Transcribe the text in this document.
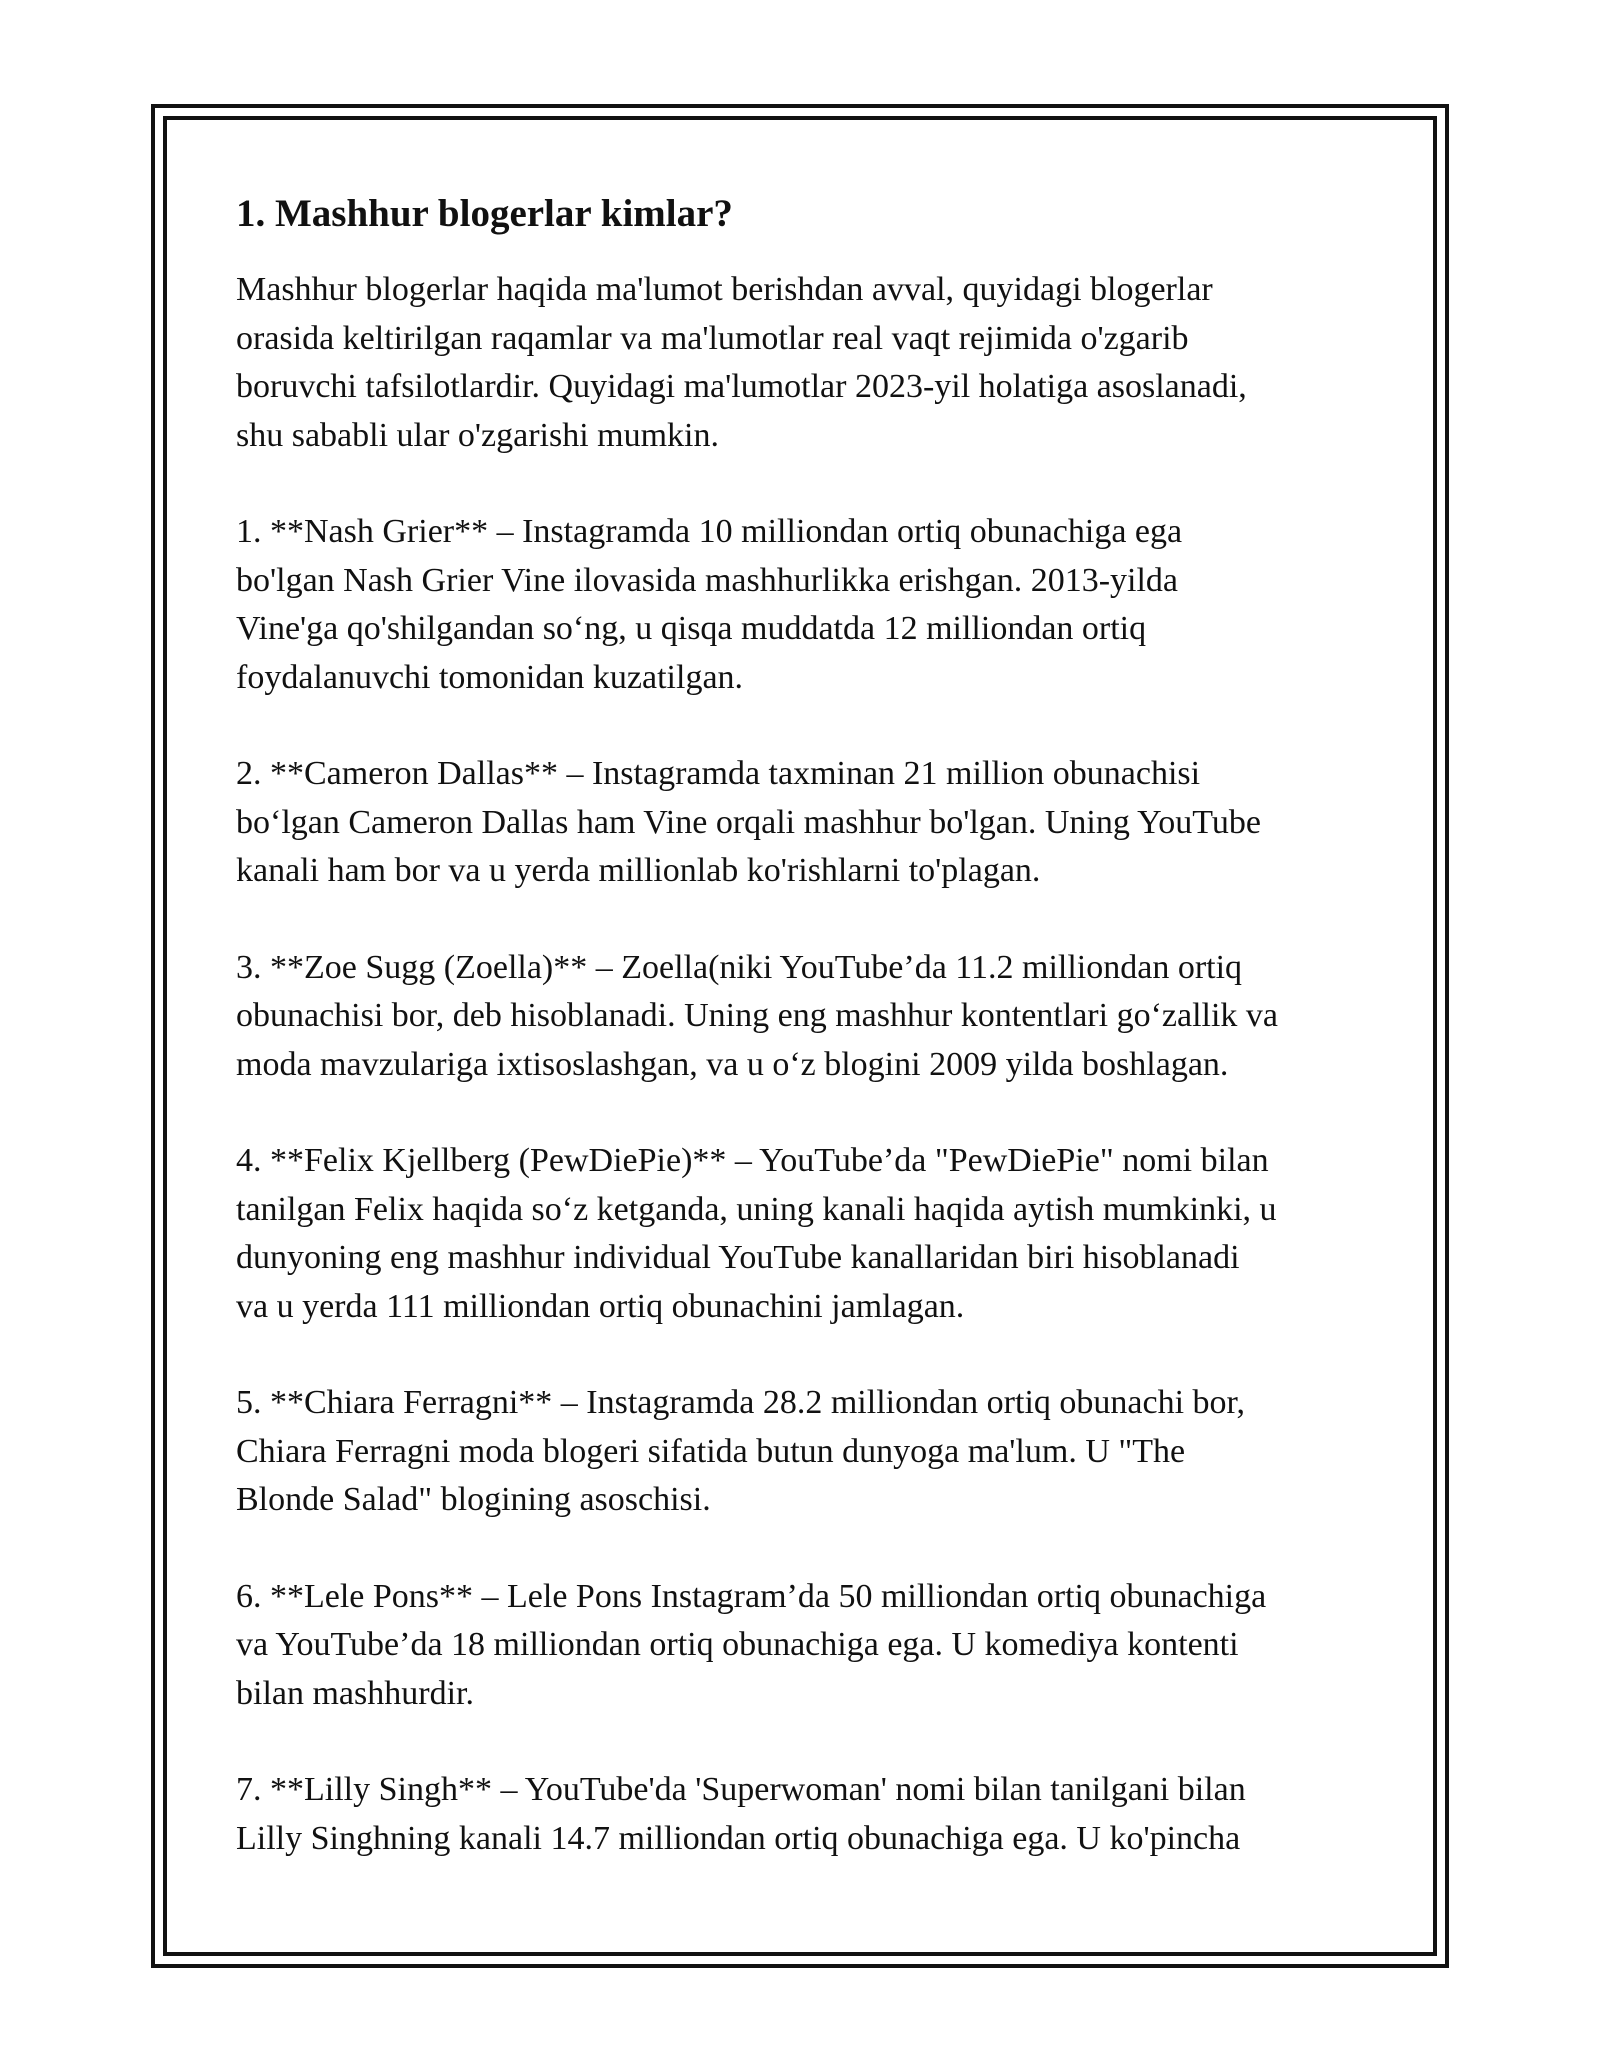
1. Mashhur blogerlar kimlar?

Mashhur blogerlar haqida ma'lumot berishdan avval, quyidagi blogerlar
orasida keltirilgan raqamlar va ma'lumotlar real vaqt rejimida o'zgarib
boruvchi tafsilotlardir. Quyidagi ma'lumotlar 2023-yil holatiga asoslanadi,
shu sababli ular o'zgarishi mumkin.

1. **Nash Grier** – Instagramda 10 milliondan ortiq obunachiga ega
bo'lgan Nash Grier Vine ilovasida mashhurlikka erishgan. 2013-yilda
Vine'ga qo'shilgandan so‘ng, u qisqa muddatda 12 milliondan ortiq
foydalanuvchi tomonidan kuzatilgan.

2. **Cameron Dallas** – Instagramda taxminan 21 million obunachisi
bo‘lgan Cameron Dallas ham Vine orqali mashhur bo'lgan. Uning YouTube
kanali ham bor va u yerda millionlab ko'rishlarni to'plagan.

3. **Zoe Sugg (Zoella)** – Zoella(niki YouTube’da 11.2 milliondan ortiq
obunachisi bor, deb hisoblanadi. Uning eng mashhur kontentlari go‘zallik va
moda mavzulariga ixtisoslashgan, va u o‘z blogini 2009 yilda boshlagan.

4. **Felix Kjellberg (PewDiePie)** – YouTube’da "PewDiePie" nomi bilan
tanilgan Felix haqida so‘z ketganda, uning kanali haqida aytish mumkinki, u
dunyoning eng mashhur individual YouTube kanallaridan biri hisoblanadi
va u yerda 111 milliondan ortiq obunachini jamlagan.

5. **Chiara Ferragni** – Instagramda 28.2 milliondan ortiq obunachi bor,
Chiara Ferragni moda blogeri sifatida butun dunyoga ma'lum. U "The
Blonde Salad" blogining asoschisi.

6. **Lele Pons** – Lele Pons Instagram’da 50 milliondan ortiq obunachiga
va YouTube’da 18 milliondan ortiq obunachiga ega. U komediya kontenti
bilan mashhurdir.

7. **Lilly Singh** – YouTube'da 'Superwoman' nomi bilan tanilgani bilan
Lilly Singhning kanali 14.7 milliondan ortiq obunachiga ega. U ko'pincha
